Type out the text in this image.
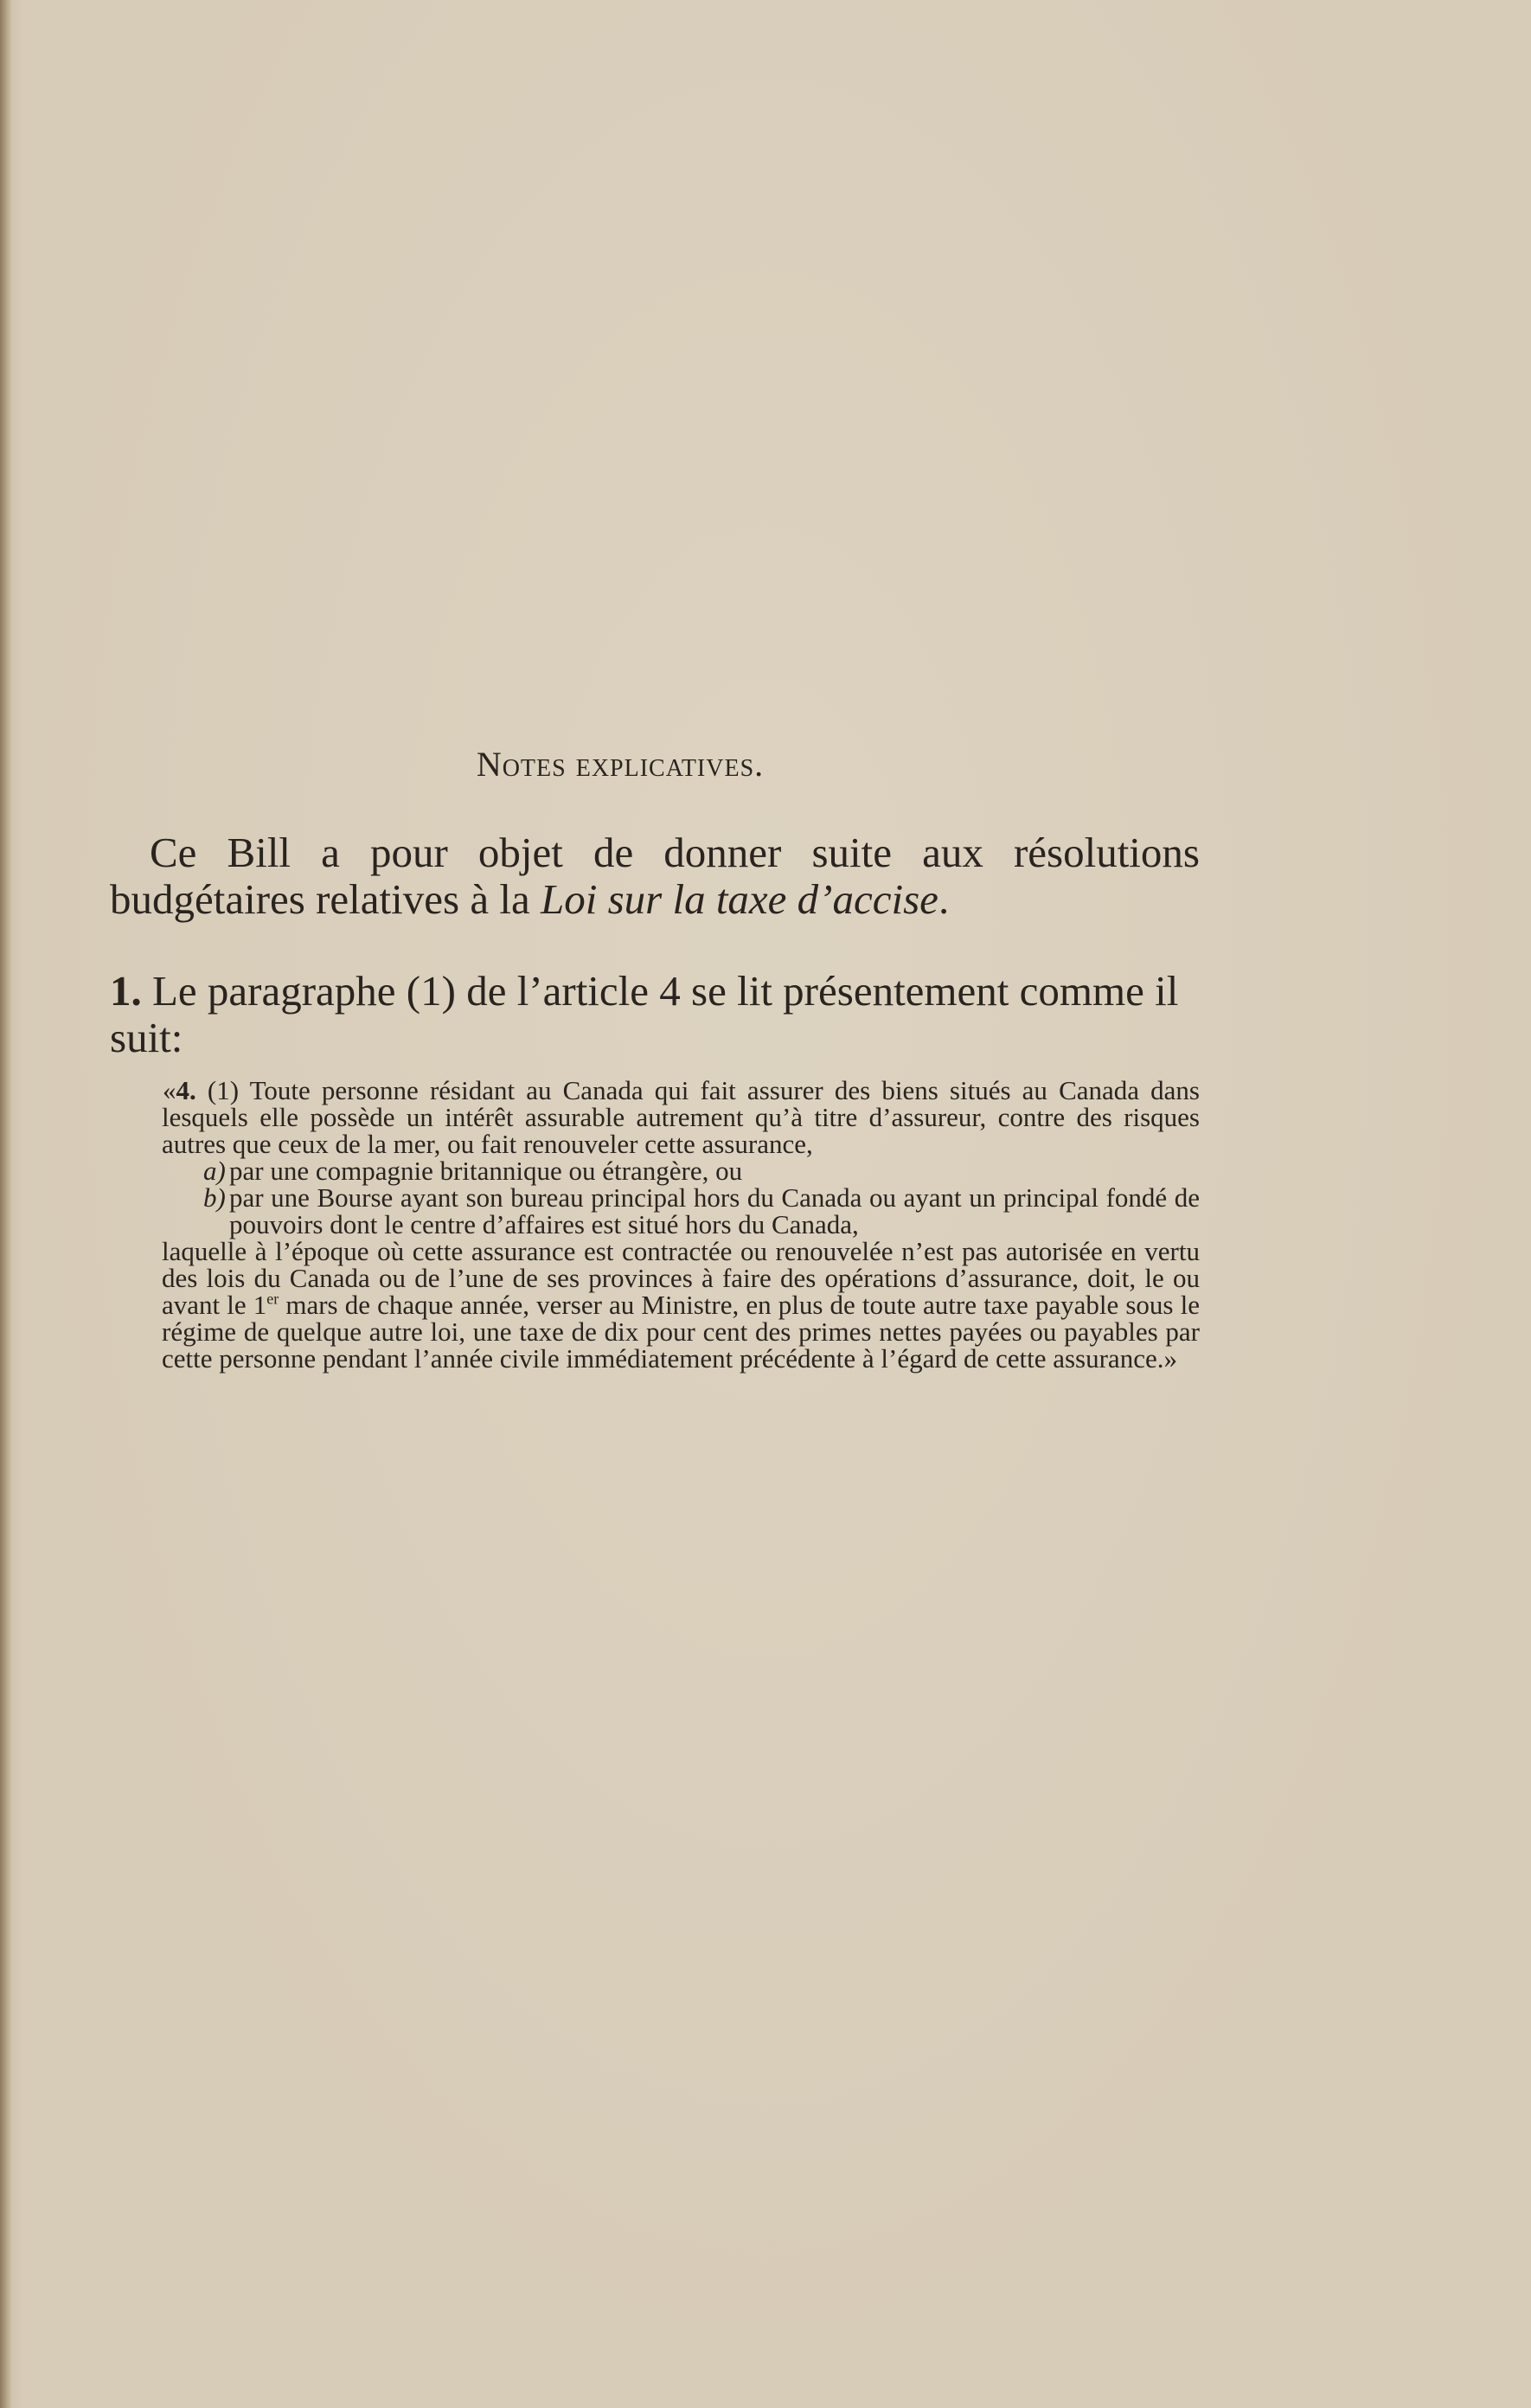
Notes explicatives.

Ce Bill a pour objet de donner suite aux résolutions budgétaires relatives à la Loi sur la taxe d’accise.

1. Le paragraphe (1) de l’article 4 se lit présentement comme il suit:

«4. (1) Toute personne résidant au Canada qui fait assurer des biens situés au Canada dans lesquels elle possède un intérêt assurable autrement qu’à titre d’assureur, contre des risques autres que ceux de la mer, ou fait renouveler cette assurance,

a) par une compagnie britannique ou étrangère, ou
b) par une Bourse ayant son bureau principal hors du Canada ou ayant un principal fondé de pouvoirs dont le centre d’affaires est situé hors du Canada,

laquelle à l’époque où cette assurance est contractée ou renouvelée n’est pas autorisée en vertu des lois du Canada ou de l’une de ses provinces à faire des opérations d’assurance, doit, le ou avant le 1er mars de chaque année, verser au Ministre, en plus de toute autre taxe payable sous le régime de quelque autre loi, une taxe de dix pour cent des primes nettes payées ou payables par cette personne pendant l’année civile immédiatement précédente à l’égard de cette assurance.»
